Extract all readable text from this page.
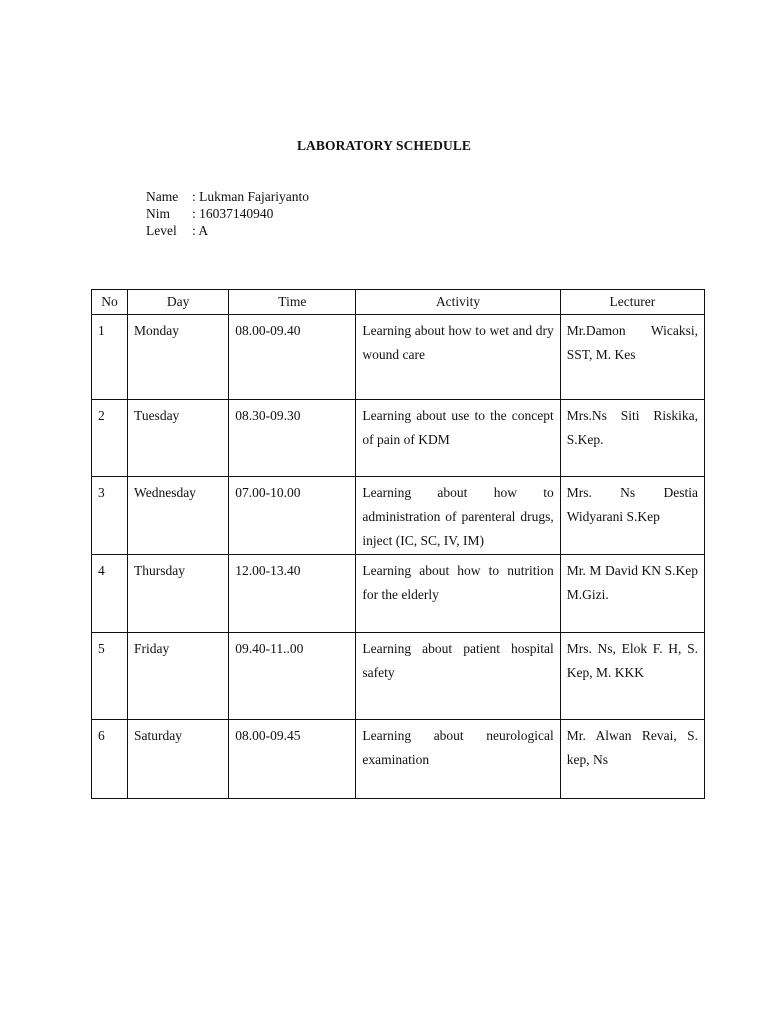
LABORATORY SCHEDULE
Name	: Lukman Fajariyanto
Nim	: 16037140940
Level	: A
No	Day	Time	Activity	Lecturer
1	Monday	08.00-09.40	Learning about how to wet and dry wound care	Mr.Damon Wicaksi, SST, M. Kes
2	Tuesday	08.30-09.30	Learning about use to the concept of pain of KDM	Mrs.Ns Siti Riskika, S.Kep.
3	Wednesday	07.00-10.00	Learning about how to administration of parenteral drugs, inject (IC, SC, IV, IM)	Mrs. Ns Destia Widyarani S.Kep
4	Thursday	12.00-13.40	Learning about how to nutrition for the elderly	Mr. M David KN S.Kep M.Gizi.
5	Friday	09.40-11..00	Learning about patient hospital safety	Mrs. Ns, Elok F. H, S. Kep, M. KKK
6	Saturday	08.00-09.45	Learning about neurological examination	Mr. Alwan Revai, S. kep, Ns
